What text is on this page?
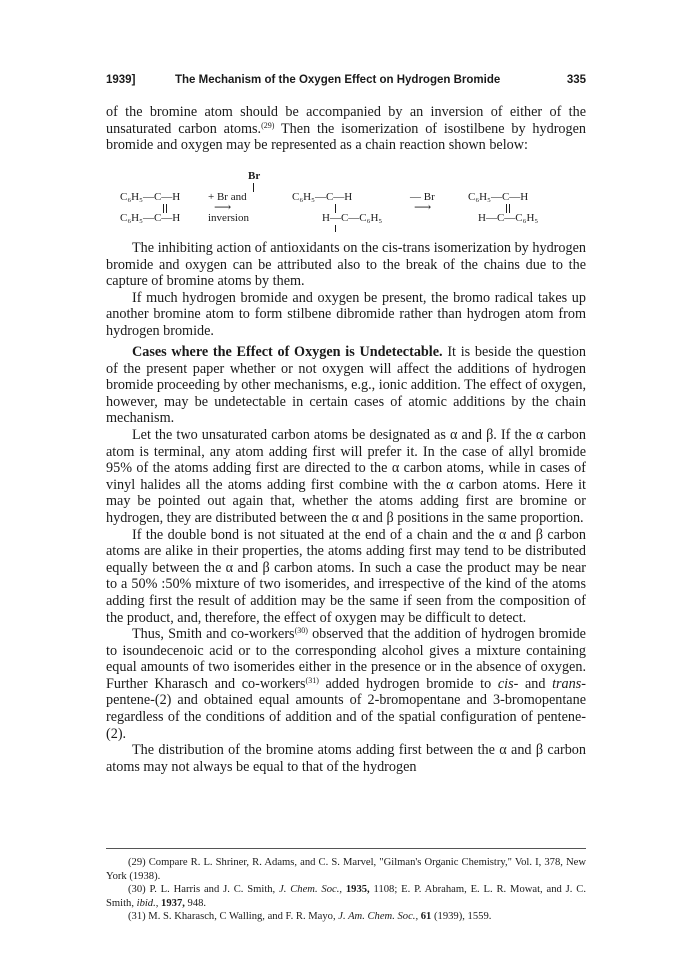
1939]	The Mechanism of the Oxygen Effect on Hydrogen Bromide	335

of the bromine atom should be accompanied by an inversion of either of the unsaturated carbon atoms.$^{(29)}$ Then the isomerization of isostilbene by hydrogen bromide and oxygen may be represented as a chain reaction shown below:

Br
C₆H₅—C—H
C₆H₅—C—H
+ Br and
⟶
inversion
C₆H₅—C—H
H—C—C₆H₅
— Br
⟶
C₆H₅—C—H
H—C—C₆H₅

The inhibiting action of antioxidants on the cis-trans isomerization by hydrogen bromide and oxygen can be attributed also to the break of the chains due to the capture of bromine atoms by them.

If much hydrogen bromide and oxygen be present, the bromo radical takes up another bromine atom to form stilbene dibromide rather than hydrogen atom from hydrogen bromide.

Cases where the Effect of Oxygen is Undetectable. It is beside the question of the present paper whether or not oxygen will affect the additions of hydrogen bromide proceeding by other mechanisms, e.g., ionic addition. The effect of oxygen, however, may be undetectable in certain cases of atomic additions by the chain mechanism.

Let the two unsaturated carbon atoms be designated as α and β. If the α carbon atom is terminal, any atom adding first will prefer it. In the case of allyl bromide 95% of the atoms adding first are directed to the α carbon atoms, while in cases of vinyl halides all the atoms adding first combine with the α carbon atoms. Here it may be pointed out again that, whether the atoms adding first are bromine or hydrogen, they are distributed between the α and β positions in the same proportion.

If the double bond is not situated at the end of a chain and the α and β carbon atoms are alike in their properties, the atoms adding first may tend to be distributed equally between the α and β carbon atoms. In such a case the product may be near to a 50% :50% mixture of two isomerides, and irrespective of the kind of the atoms adding first the result of addition may be the same if seen from the composition of the product, and, therefore, the effect of oxygen may be difficult to detect.

Thus, Smith and co-workers$^{(30)}$ observed that the addition of hydrogen bromide to isoundecenoic acid or to the corresponding alcohol gives a mixture containing equal amounts of two isomerides either in the presence or in the absence of oxygen. Further Kharasch and co-workers$^{(31)}$ added hydrogen bromide to cis- and trans-pentene-(2) and obtained equal amounts of 2-bromopentane and 3-bromopentane regardless of the conditions of addition and of the spatial configuration of pentene-(2).

The distribution of the bromine atoms adding first between the α and β carbon atoms may not always be equal to that of the hydrogen

(29) Compare R. L. Shriner, R. Adams, and C. S. Marvel, "Gilman's Organic Chemistry," Vol. I, 378, New York (1938).

(30) P. L. Harris and J. C. Smith, J. Chem. Soc., 1935, 1108; E. P. Abraham, E. L. R. Mowat, and J. C. Smith, ibid., 1937, 948.

(31) M. S. Kharasch, C Walling, and F. R. Mayo, J. Am. Chem. Soc., 61 (1939), 1559.
